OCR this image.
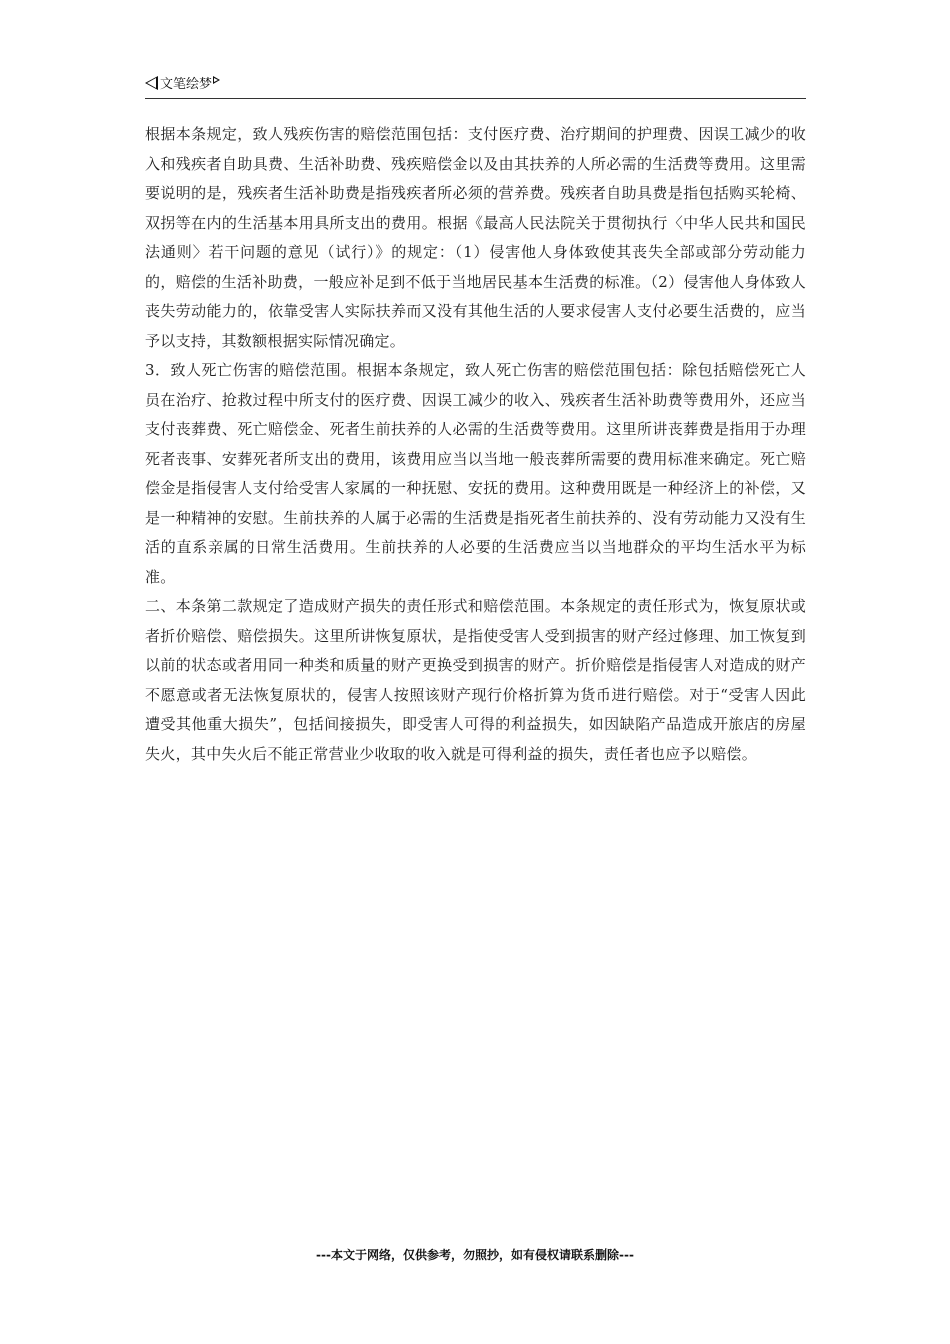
文笔绘梦

根据本条规定，致人残疾伤害的赔偿范围包括：支付医疗费、治疗期间的护理费、因误工减少的收入和残疾者自助具费、生活补助费、残疾赔偿金以及由其扶养的人所必需的生活费等费用。这里需要说明的是，残疾者生活补助费是指残疾者所必须的营养费。残疾者自助具费是指包括购买轮椅、双拐等在内的生活基本用具所支出的费用。根据《最高人民法院关于贯彻执行〈中华人民共和国民法通则〉若干问题的意见（试行）》的规定：（1）侵害他人身体致使其丧失全部或部分劳动能力的，赔偿的生活补助费，一般应补足到不低于当地居民基本生活费的标准。（2）侵害他人身体致人丧失劳动能力的，依靠受害人实际扶养而又没有其他生活的人要求侵害人支付必要生活费的，应当予以支持，其数额根据实际情况确定。

3．致人死亡伤害的赔偿范围。根据本条规定，致人死亡伤害的赔偿范围包括：除包括赔偿死亡人员在治疗、抢救过程中所支付的医疗费、因误工减少的收入、残疾者生活补助费等费用外，还应当支付丧葬费、死亡赔偿金、死者生前扶养的人必需的生活费等费用。这里所讲丧葬费是指用于办理死者丧事、安葬死者所支出的费用，该费用应当以当地一般丧葬所需要的费用标准来确定。死亡赔偿金是指侵害人支付给受害人家属的一种抚慰、安抚的费用。这种费用既是一种经济上的补偿，又是一种精神的安慰。生前扶养的人属于必需的生活费是指死者生前扶养的、没有劳动能力又没有生活的直系亲属的日常生活费用。生前扶养的人必要的生活费应当以当地群众的平均生活水平为标准。

二、本条第二款规定了造成财产损失的责任形式和赔偿范围。本条规定的责任形式为，恢复原状或者折价赔偿、赔偿损失。这里所讲恢复原状，是指使受害人受到损害的财产经过修理、加工恢复到以前的状态或者用同一种类和质量的财产更换受到损害的财产。折价赔偿是指侵害人对造成的财产不愿意或者无法恢复原状的，侵害人按照该财产现行价格折算为货币进行赔偿。对于“受害人因此遭受其他重大损失”，包括间接损失，即受害人可得的利益损失，如因缺陷产品造成开旅店的房屋失火，其中失火后不能正常营业少收取的收入就是可得利益的损失，责任者也应予以赔偿。

---本文于网络，仅供参考，勿照抄，如有侵权请联系删除---
